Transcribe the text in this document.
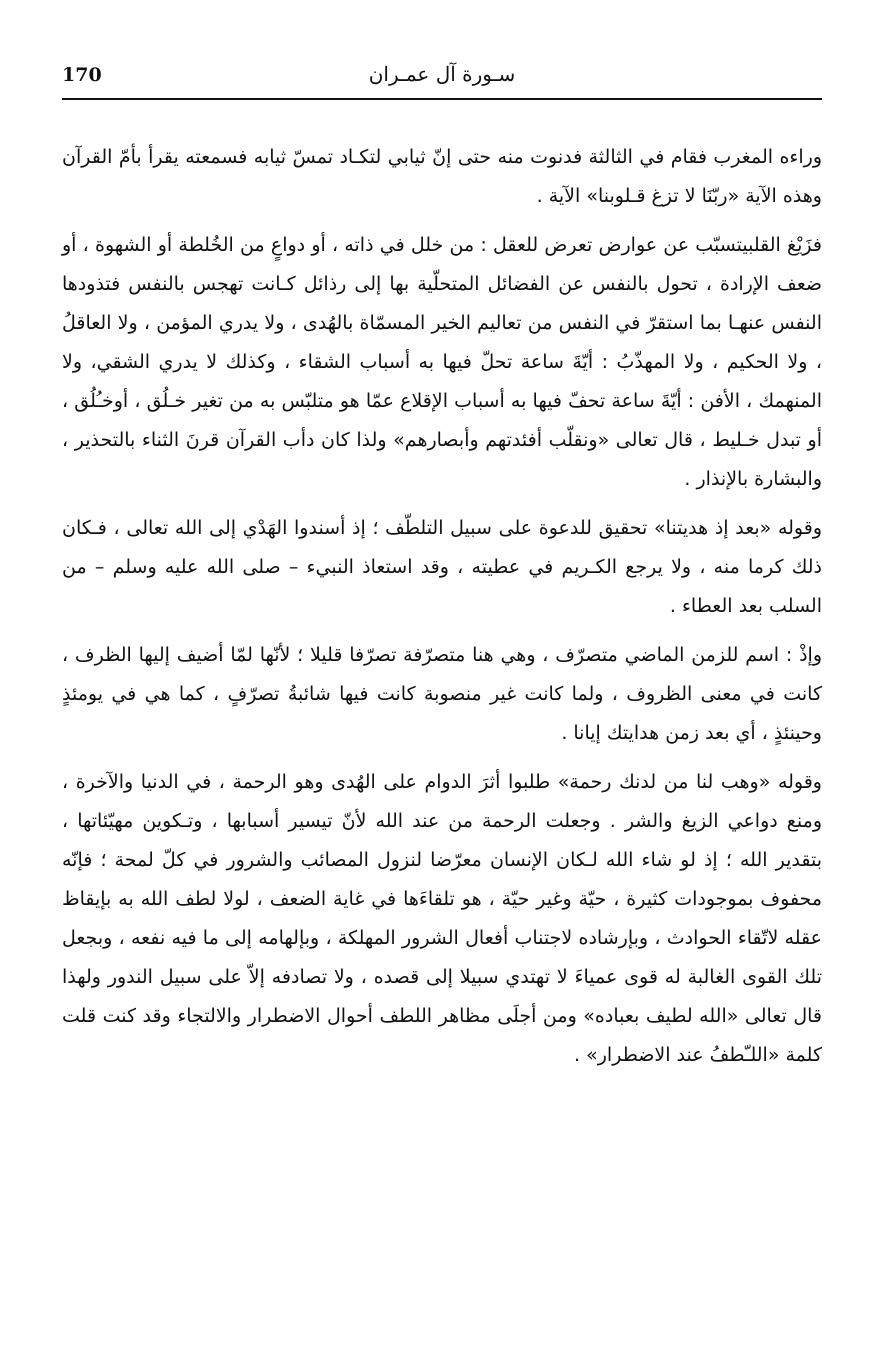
170	سـورة آل عمـران

وراءه المغرب فقام في الثالثة فدنوت منه حتى إنّ ثيابي لتكـاد تمسّ ثيابه فسمعته يقرأ بأمّ القرآن وهذه الآية «ربّنَا لا تزغ قـلوبنا» الآية .

فزَيْغ القلبيتسبّب عن عوارض تعرض للعقل : من خلل في ذاته ، أو دواعٍ من الخُلطة أو الشهوة ، أو ضعف الإرادة ، تحول بالنفس عن الفضائل المتحلّية بها إلى رذائل كـانت تهجس بالنفس فتذودها النفس عنهـا بما استقرّ في النفس من تعاليم الخير المسمّاة بالهُدى ، ولا يدري المؤمن ، ولا العاقلُ ، ولا الحكيم ، ولا المهذّبُ : أيّةَ ساعة تحلّ فيها به أسباب الشقاء ، وكذلك لا يدري الشقي، ولا المنهمك ، الأفن : أيّةَ ساعة تحفّ فيها به أسباب الإقلاع عمّا هو متلبّس به من تغير خـلُق ، أوخـُلُق ، أو تبدل خـليط ، قال تعالى «ونقلّب أفئدتهم وأبصارهم» ولذا كان دأب القرآن قرنَ الثناء بالتحذير ، والبشارة بالإنذار .

وقوله «بعد إذ هديتنا» تحقيق للدعوة على سبيل التلطّف ؛ إذ أسندوا الهَدْي إلى الله تعالى ، فـكان ذلك كرما منه ، ولا يرجع الكـريم في عطيته ، وقد استعاذ النبيء – صلى الله عليه وسلم – من السلب بعد العطاء .

وإذْ : اسم للزمن الماضي متصرّف ، وهي هنا متصرّفة تصرّفا قليلا ؛ لأنّها لمّا أضيف إليها الظرف ، كانت في معنى الظروف ، ولما كانت غير منصوبة كانت فيها شائبةُ تصرّفٍ ، كما هي في يومئذٍ وحينئذٍ ، أي بعد زمن هدايتك إيانا .

وقوله «وهب لنا من لدنك رحمة» طلبوا أثرَ الدوام على الهُدى وهو الرحمة ، في الدنيا والآخرة ، ومنع دواعي الزيغ والشر . وجعلت الرحمة من عند الله لأنّ تيسير أسبابها ، وتـكوين مهيّئاتها ، بتقدير الله ؛ إذ لو شاء الله لـكان الإنسان معرّضا لنزول المصائب والشرور في كلّ لمحة ؛ فإنّه محفوف بموجودات كثيرة ، حيّة وغير حيّة ، هو تلقاءَها في غاية الضعف ، لولا لطف الله به بإيقاظ عقله لاتّقاء الحوادث ، وبإرشاده لاجتناب أفعال الشرور المهلكة ، وبإلهامه إلى ما فيه نفعه ، وبجعل تلك القوى الغالبة له قوى عمياءَ لا تهتدي سبيلا إلى قصده ، ولا تصادفه إلاّ على سبيل الندور ولهذا قال تعالى «الله لطيف بعباده» ومن أجلَى مظاهر اللطف أحوال الاضطرار والالتجاء وقد كنت قلت كلمة «اللـّطفُ عند الاضطرار» .
